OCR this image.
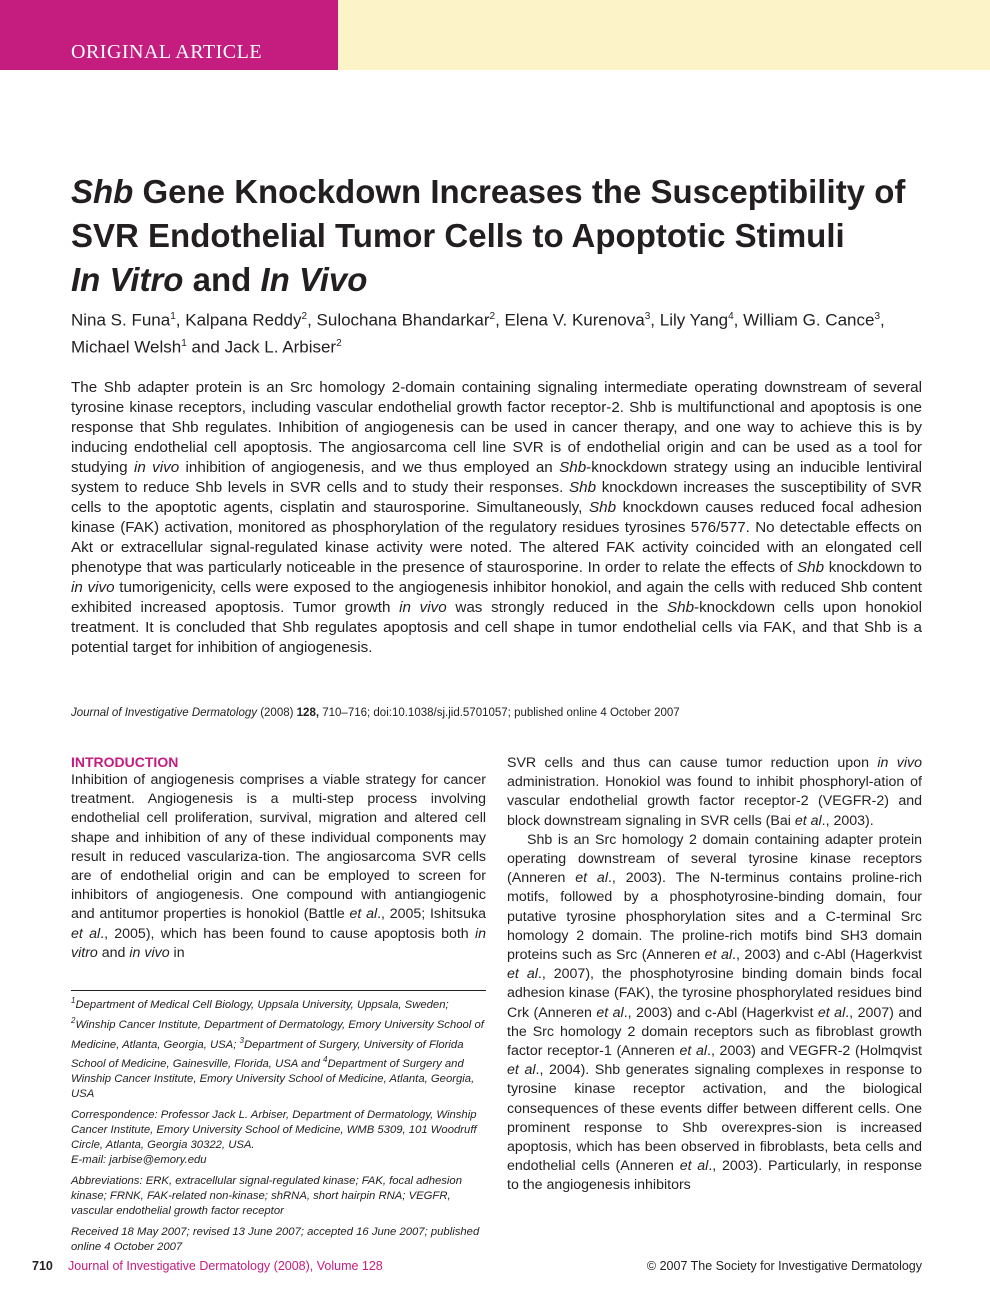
ORIGINAL ARTICLE
Shb Gene Knockdown Increases the Susceptibility of SVR Endothelial Tumor Cells to Apoptotic Stimuli
In Vitro and In Vivo
Nina S. Funa$^1$, Kalpana Reddy$^2$, Sulochana Bhandarkar$^2$, Elena V. Kurenova$^3$, Lily Yang$^4$, William G. Cance$^3$, Michael Welsh$^1$ and Jack L. Arbiser$^2$
The Shb adapter protein is an Src homology 2-domain containing signaling intermediate operating downstream of several tyrosine kinase receptors, including vascular endothelial growth factor receptor-2. Shb is multifunctional and apoptosis is one response that Shb regulates. Inhibition of angiogenesis can be used in cancer therapy, and one way to achieve this is by inducing endothelial cell apoptosis. The angiosarcoma cell line SVR is of endothelial origin and can be used as a tool for studying in vivo inhibition of angiogenesis, and we thus employed an Shb-knockdown strategy using an inducible lentiviral system to reduce Shb levels in SVR cells and to study their responses. Shb knockdown increases the susceptibility of SVR cells to the apoptotic agents, cisplatin and staurosporine. Simultaneously, Shb knockdown causes reduced focal adhesion kinase (FAK) activation, monitored as phosphorylation of the regulatory residues tyrosines 576/577. No detectable effects on Akt or extracellular signal-regulated kinase activity were noted. The altered FAK activity coincided with an elongated cell phenotype that was particularly noticeable in the presence of staurosporine. In order to relate the effects of Shb knockdown to in vivo tumorigenicity, cells were exposed to the angiogenesis inhibitor honokiol, and again the cells with reduced Shb content exhibited increased apoptosis. Tumor growth in vivo was strongly reduced in the Shb-knockdown cells upon honokiol treatment. It is concluded that Shb regulates apoptosis and cell shape in tumor endothelial cells via FAK, and that Shb is a potential target for inhibition of angiogenesis.
Journal of Investigative Dermatology (2008) 128, 710–716; doi:10.1038/sj.jid.5701057; published online 4 October 2007
INTRODUCTION
Inhibition of angiogenesis comprises a viable strategy for cancer treatment. Angiogenesis is a multi-step process involving endothelial cell proliferation, survival, migration and altered cell shape and inhibition of any of these individual components may result in reduced vasculariza-tion. The angiosarcoma SVR cells are of endothelial origin and can be employed to screen for inhibitors of angiogenesis. One compound with antiangiogenic and antitumor properties is honokiol (Battle et al., 2005; Ishitsuka et al., 2005), which has been found to cause apoptosis both in vitro and in vivo in

$^1$Department of Medical Cell Biology, Uppsala University, Uppsala, Sweden; $^2$Winship Cancer Institute, Department of Dermatology, Emory University School of Medicine, Atlanta, Georgia, USA; $^3$Department of Surgery, University of Florida School of Medicine, Gainesville, Florida, USA and $^4$Department of Surgery and Winship Cancer Institute, Emory University School of Medicine, Atlanta, Georgia, USA

Correspondence: Professor Jack L. Arbiser, Department of Dermatology, Winship Cancer Institute, Emory University School of Medicine, WMB 5309, 101 Woodruff Circle, Atlanta, Georgia 30322, USA.
E-mail: jarbise@emory.edu

Abbreviations: ERK, extracellular signal-regulated kinase; FAK, focal adhesion kinase; FRNK, FAK-related non-kinase; shRNA, short hairpin RNA; VEGFR, vascular endothelial growth factor receptor

Received 18 May 2007; revised 13 June 2007; accepted 16 June 2007; published online 4 October 2007

SVR cells and thus can cause tumor reduction upon in vivo administration. Honokiol was found to inhibit phosphoryl-ation of vascular endothelial growth factor receptor-2 (VEGFR-2) and block downstream signaling in SVR cells (Bai et al., 2003).
Shb is an Src homology 2 domain containing adapter protein operating downstream of several tyrosine kinase receptors (Anneren et al., 2003). The N-terminus contains proline-rich motifs, followed by a phosphotyrosine-binding domain, four putative tyrosine phosphorylation sites and a C-terminal Src homology 2 domain. The proline-rich motifs bind SH3 domain proteins such as Src (Anneren et al., 2003) and c-Abl (Hagerkvist et al., 2007), the phosphotyrosine binding domain binds focal adhesion kinase (FAK), the tyrosine phosphorylated residues bind Crk (Anneren et al., 2003) and c-Abl (Hagerkvist et al., 2007) and the Src homology 2 domain receptors such as fibroblast growth factor receptor-1 (Anneren et al., 2003) and VEGFR-2 (Holmqvist et al., 2004). Shb generates signaling complexes in response to tyrosine kinase receptor activation, and the biological consequences of these events differ between different cells. One prominent response to Shb overexpres-sion is increased apoptosis, which has been observed in fibroblasts, beta cells and endothelial cells (Anneren et al., 2003). Particularly, in response to the angiogenesis inhibitors
710 Journal of Investigative Dermatology (2008), Volume 128	© 2007 The Society for Investigative Dermatology
